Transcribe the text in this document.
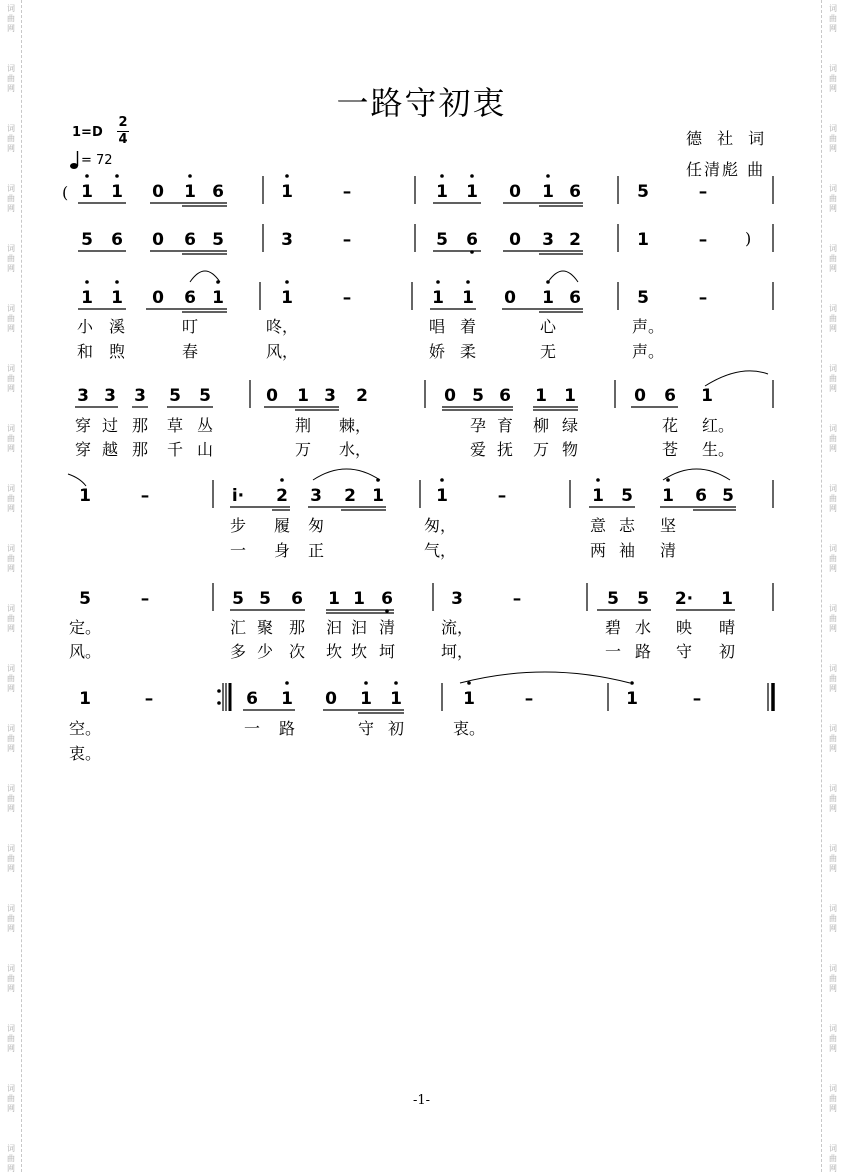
词
曲
网
词
曲
网
词
曲
网
词
曲
网
词
曲
网
词
曲
网
词
曲
网
词
曲
网
词
曲
网
词
曲
网
词
曲
网
词
曲
网
词
曲
网
词
曲
网
词
曲
网
词
曲
网
词
曲
网
词
曲
网
词
曲
网
词
曲
网
词
曲
网
词
曲
网
词
曲
网
词
曲
网
词
曲
网
词
曲
网
词
曲
网
词
曲
网
词
曲
网
词
曲
网
词
曲
网
词
曲
网
词
曲
网
词
曲
网
词
曲
网
词
曲
网
词
曲
网
词
曲
网
词
曲
网
词
曲
网
一路守初衷
德 社 词
任清彪 曲
$1=D \frac{2}{4}$
= 72
1 1 0 1 6	1	–	1 1 0 1 6	5	–
5 6 0 6 5	3	–	5 6 0 3 2	1	–
1 1 0 6 1	1	–	1 1 0 1 6	5	–
小 溪	叮	咚，	唱 着	心	声。
和 煦	春	风，	娇 柔	无	声。
3 3 3 5 5	0 1 3 2	0 5 6 1 1	0 6 1
穿 过 那 草 丛	荆 棘，	孕 育 柳 绿	花 红。
穿 越 那 千 山	万 水，	爱 抚 万 物	苍 生。
1	–	i· 2 3 2 1	1	–	1 5 1 6 5
步 履 匆	匆，	意 志 坚
一 身 正	气，	两 袖 清
5	–	5 5 6 1 1 6	3	–	5 5 2· 1
定。	汇 聚 那 汩 汩 清	流，	碧 水 映 晴
风。	多 少 次 坎 坎 坷	坷，	一 路 守 初
1	–	6 1 0 1 1	1	–	1	–
空。	一 路	守 初	衷。
衷。
(
)
-1-
